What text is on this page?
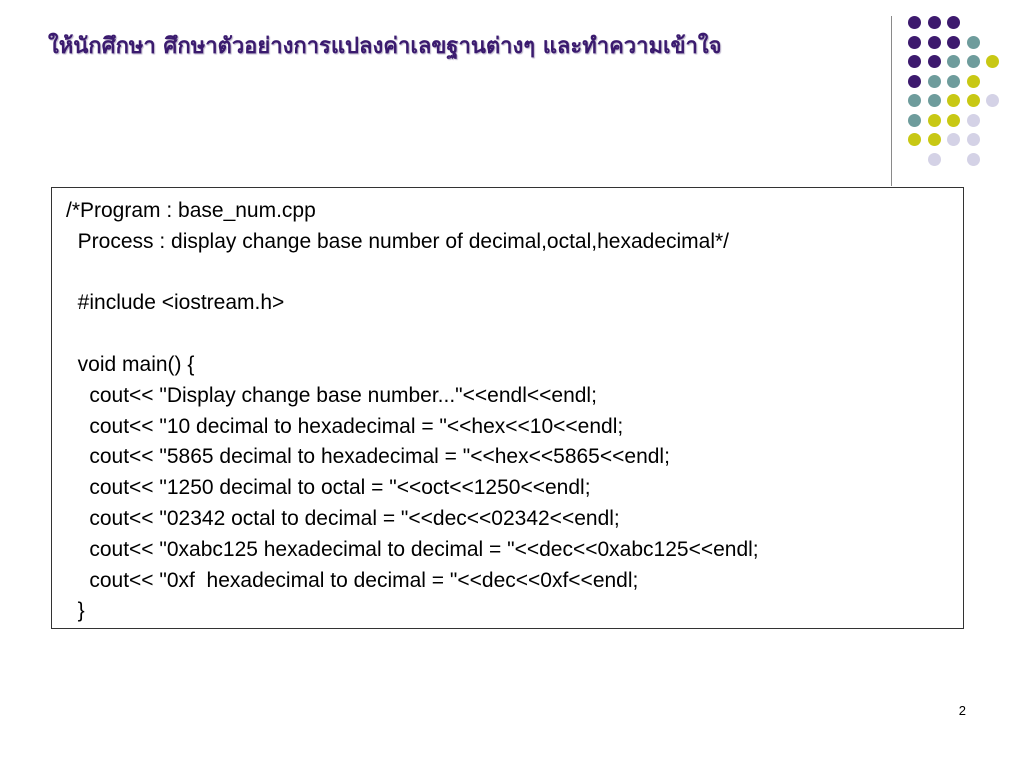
ให้นักศึกษา ศึกษาตัวอย่างการแปลงค่าเลขฐานต่างๆ และทำความเข้าใจ
/*Program : base_num.cpp
Process : display change base number of decimal,octal,hexadecimal*/
#include <iostream.h>
void main() {
cout<< "Display change base number..."<<endl<<endl;
cout<< "10 decimal to hexadecimal = "<<hex<<10<<endl;
cout<< "5865 decimal to hexadecimal = "<<hex<<5865<<endl;
cout<< "1250 decimal to octal = "<<oct<<1250<<endl;
cout<< "02342 octal to decimal = "<<dec<<02342<<endl;
cout<< "0xabc125 hexadecimal to decimal = "<<dec<<0xabc125<<endl;
cout<< "0xf  hexadecimal to decimal = "<<dec<<0xf<<endl;
}
2
